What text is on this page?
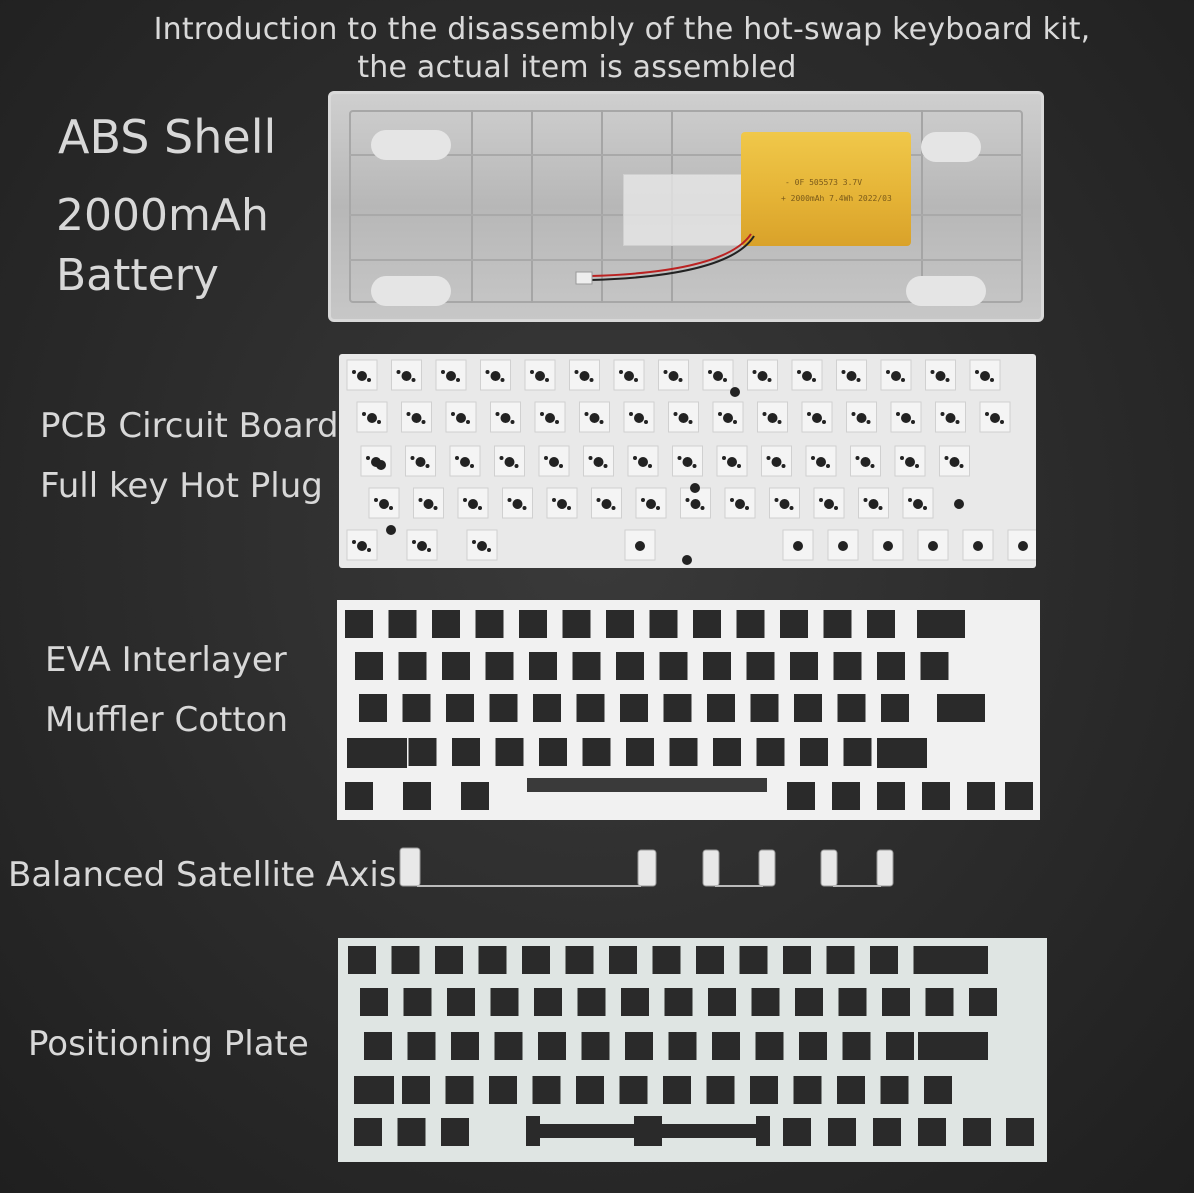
Introduction to the disassembly of the hot-swap keyboard kit,
the actual item is assembled
ABS Shell
2000mAh
Battery
- 0F 505573 3.7V
+ 2000mAh 7.4Wh 2022/03
PCB Circuit Board
Full key Hot Plug
EVA Interlayer
Muffler Cotton
Balanced Satellite Axis
Positioning Plate
